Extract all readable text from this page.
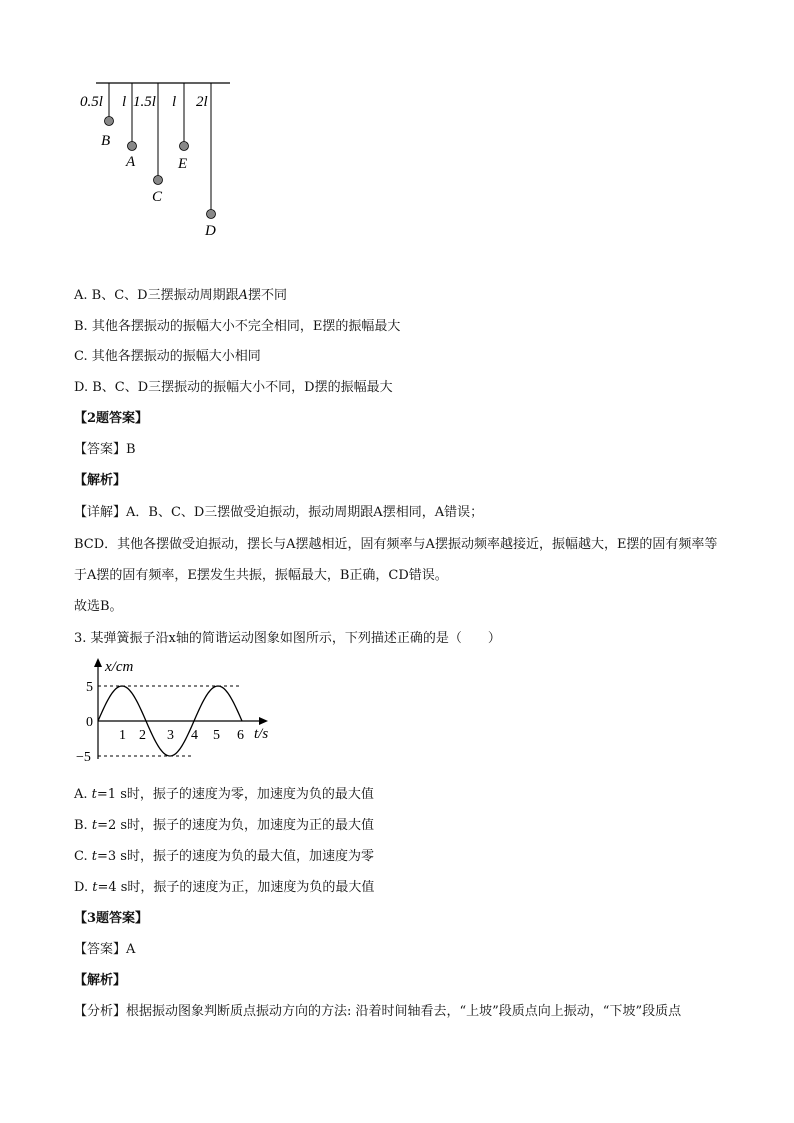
0.5l l 1.5l l 2l
B
A
C
E
D
A. B、C、D三摆振动周期跟A摆不同
B. 其他各摆振动的振幅大小不完全相同，E摆的振幅最大
C. 其他各摆振动的振幅大小相同
D. B、C、D三摆振动的振幅大小不同，D摆的振幅最大
【2题答案】
【答案】B
【解析】
【详解】A．B、C、D三摆做受迫振动，振动周期跟A摆相同，A错误；
BCD．其他各摆做受迫振动，摆长与A摆越相近，固有频率与A摆振动频率越接近，振幅越大，E摆的固有频率等于A摆的固有频率，E摆发生共振，振幅最大，B正确，CD错误。
故选B。
3. 某弹簧振子沿x轴的简谐运动图象如图所示，下列描述正确的是（　　）
x/cm
t/s
5
0
−5
1 2 3 4 5 6
A. t=1 s时，振子的速度为零，加速度为负的最大值
B. t=2 s时，振子的速度为负，加速度为正的最大值
C. t=3 s时，振子的速度为负的最大值，加速度为零
D. t=4 s时，振子的速度为正，加速度为负的最大值
【3题答案】
【答案】A
【解析】
【分析】根据振动图象判断质点振动方向的方法: 沿着时间轴看去，“上坡”段质点向上振动，“下坡”段质点
